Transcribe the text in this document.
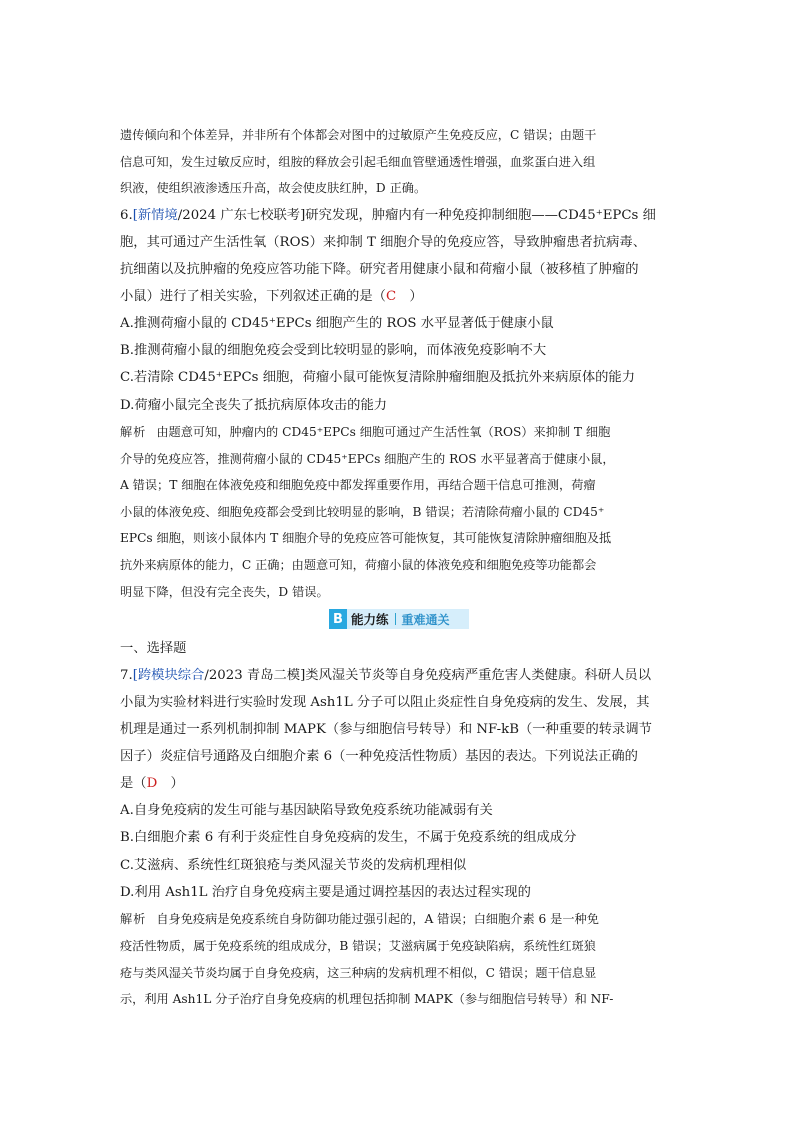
遗传倾向和个体差异，并非所有个体都会对图中的过敏原产生免疫反应，C 错误；由题干
信息可知，发生过敏反应时，组胺的释放会引起毛细血管壁通透性增强，血浆蛋白进入组
织液，使组织液渗透压升高，故会使皮肤红肿，D 正确。
6.[新情境/2024 广东七校联考]研究发现，肿瘤内有一种免疫抑制细胞——CD45⁺EPCs 细
胞，其可通过产生活性氧（ROS）来抑制 T 细胞介导的免疫应答，导致肿瘤患者抗病毒、
抗细菌以及抗肿瘤的免疫应答功能下降。研究者用健康小鼠和荷瘤小鼠（被移植了肿瘤的
小鼠）进行了相关实验，下列叙述正确的是（C　）
A.推测荷瘤小鼠的 CD45⁺EPCs 细胞产生的 ROS 水平显著低于健康小鼠
B.推测荷瘤小鼠的细胞免疫会受到比较明显的影响，而体液免疫影响不大
C.若清除 CD45⁺EPCs 细胞，荷瘤小鼠可能恢复清除肿瘤细胞及抵抗外来病原体的能力
D.荷瘤小鼠完全丧失了抵抗病原体攻击的能力
解析 由题意可知，肿瘤内的 CD45⁺EPCs 细胞可通过产生活性氧（ROS）来抑制 T 细胞
介导的免疫应答，推测荷瘤小鼠的 CD45⁺EPCs 细胞产生的 ROS 水平显著高于健康小鼠，
A 错误；T 细胞在体液免疫和细胞免疫中都发挥重要作用，再结合题干信息可推测，荷瘤
小鼠的体液免疫、细胞免疫都会受到比较明显的影响，B 错误；若清除荷瘤小鼠的 CD45⁺
EPCs 细胞，则该小鼠体内 T 细胞介导的免疫应答可能恢复，其可能恢复清除肿瘤细胞及抵
抗外来病原体的能力，C 正确；由题意可知，荷瘤小鼠的体液免疫和细胞免疫等功能都会
明显下降，但没有完全丧失，D 错误。
B 能力练 重难通关
一、选择题
7.[跨模块综合/2023 青岛二模]类风湿关节炎等自身免疫病严重危害人类健康。科研人员以
小鼠为实验材料进行实验时发现 Ash1L 分子可以阻止炎症性自身免疫病的发生、发展，其
机理是通过一系列机制抑制 MAPK（参与细胞信号转导）和 NF-kB（一种重要的转录调节
因子）炎症信号通路及白细胞介素 6（一种免疫活性物质）基因的表达。下列说法正确的
是（D　）
A.自身免疫病的发生可能与基因缺陷导致免疫系统功能减弱有关
B.白细胞介素 6 有利于炎症性自身免疫病的发生，不属于免疫系统的组成成分
C.艾滋病、系统性红斑狼疮与类风湿关节炎的发病机理相似
D.利用 Ash1L 治疗自身免疫病主要是通过调控基因的表达过程实现的
解析 自身免疫病是免疫系统自身防御功能过强引起的，A 错误；白细胞介素 6 是一种免
疫活性物质，属于免疫系统的组成成分，B 错误；艾滋病属于免疫缺陷病，系统性红斑狼
疮与类风湿关节炎均属于自身免疫病，这三种病的发病机理不相似，C 错误；题干信息显
示，利用 Ash1L 分子治疗自身免疫病的机理包括抑制 MAPK（参与细胞信号转导）和 NF-
